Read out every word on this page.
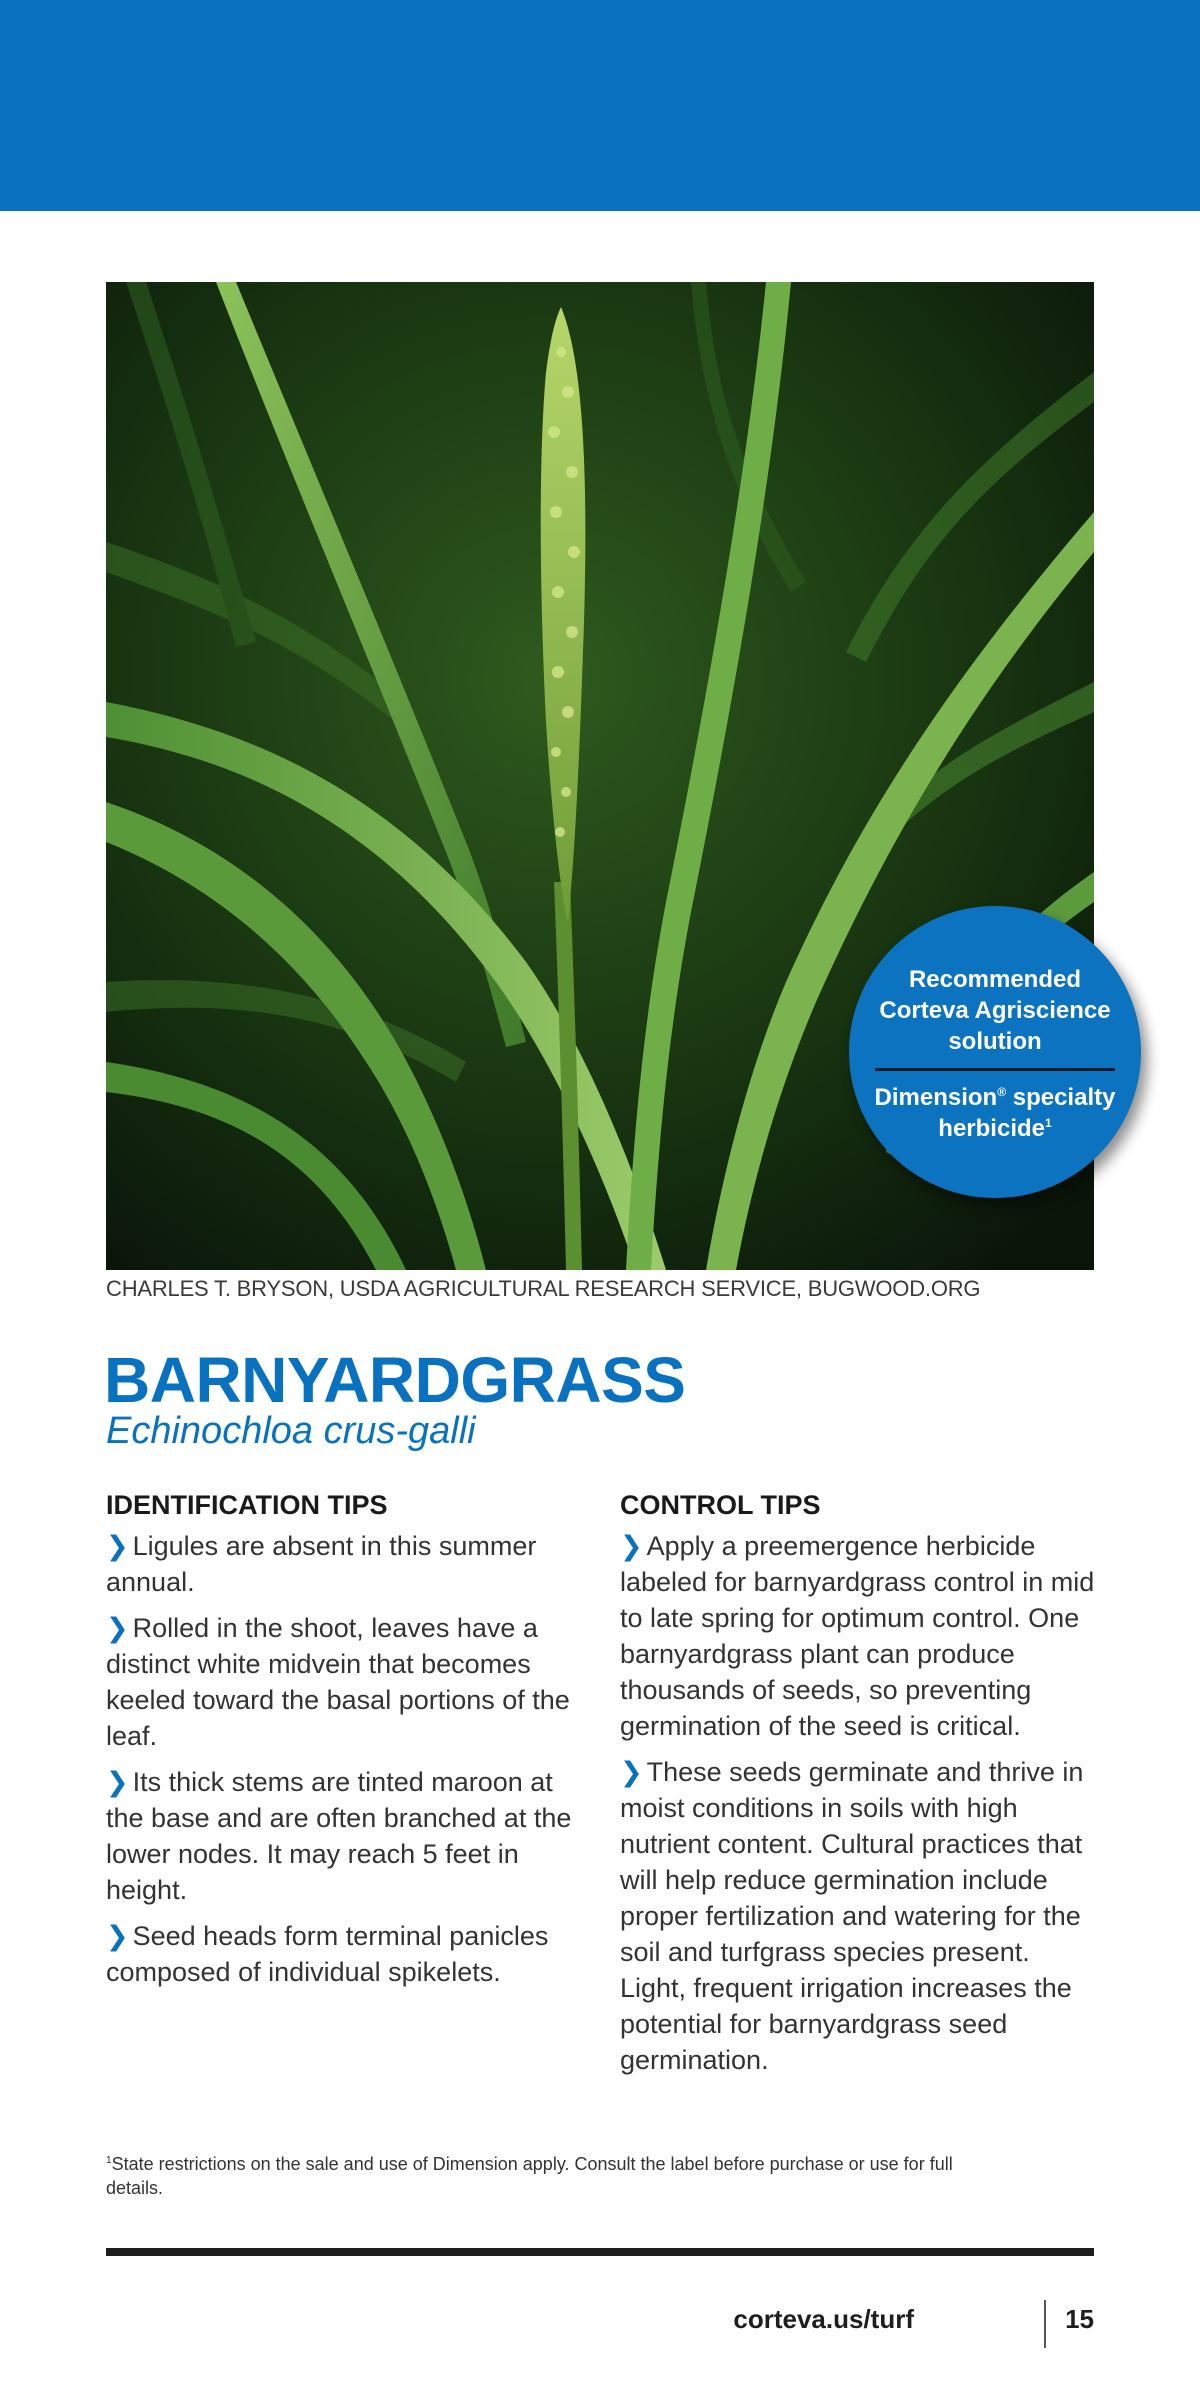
Recommended Corteva Agriscience solution
Dimension® specialty herbicide$^1$
CHARLES T. BRYSON, USDA AGRICULTURAL RESEARCH SERVICE, BUGWOOD.ORG
BARNYARDGRASS
Echinochloa crus-galli
IDENTIFICATION TIPS
❯ Ligules are absent in this summer annual.
❯ Rolled in the shoot, leaves have a distinct white midvein that becomes keeled toward the basal portions of the leaf.
❯ Its thick stems are tinted maroon at the base and are often branched at the lower nodes. It may reach 5 feet in height.
❯ Seed heads form terminal panicles composed of individual spikelets.
CONTROL TIPS
❯ Apply a preemergence herbicide labeled for barnyardgrass control in mid to late spring for optimum control. One barnyardgrass plant can produce thousands of seeds, so preventing germination of the seed is critical.
❯ These seeds germinate and thrive in moist conditions in soils with high nutrient content. Cultural practices that will help reduce germination include proper fertilization and watering for the soil and turfgrass species present. Light, frequent irrigation increases the potential for barnyardgrass seed germination.
$^1$State restrictions on the sale and use of Dimension apply. Consult the label before purchase or use for full details.
corteva.us/turf	15
